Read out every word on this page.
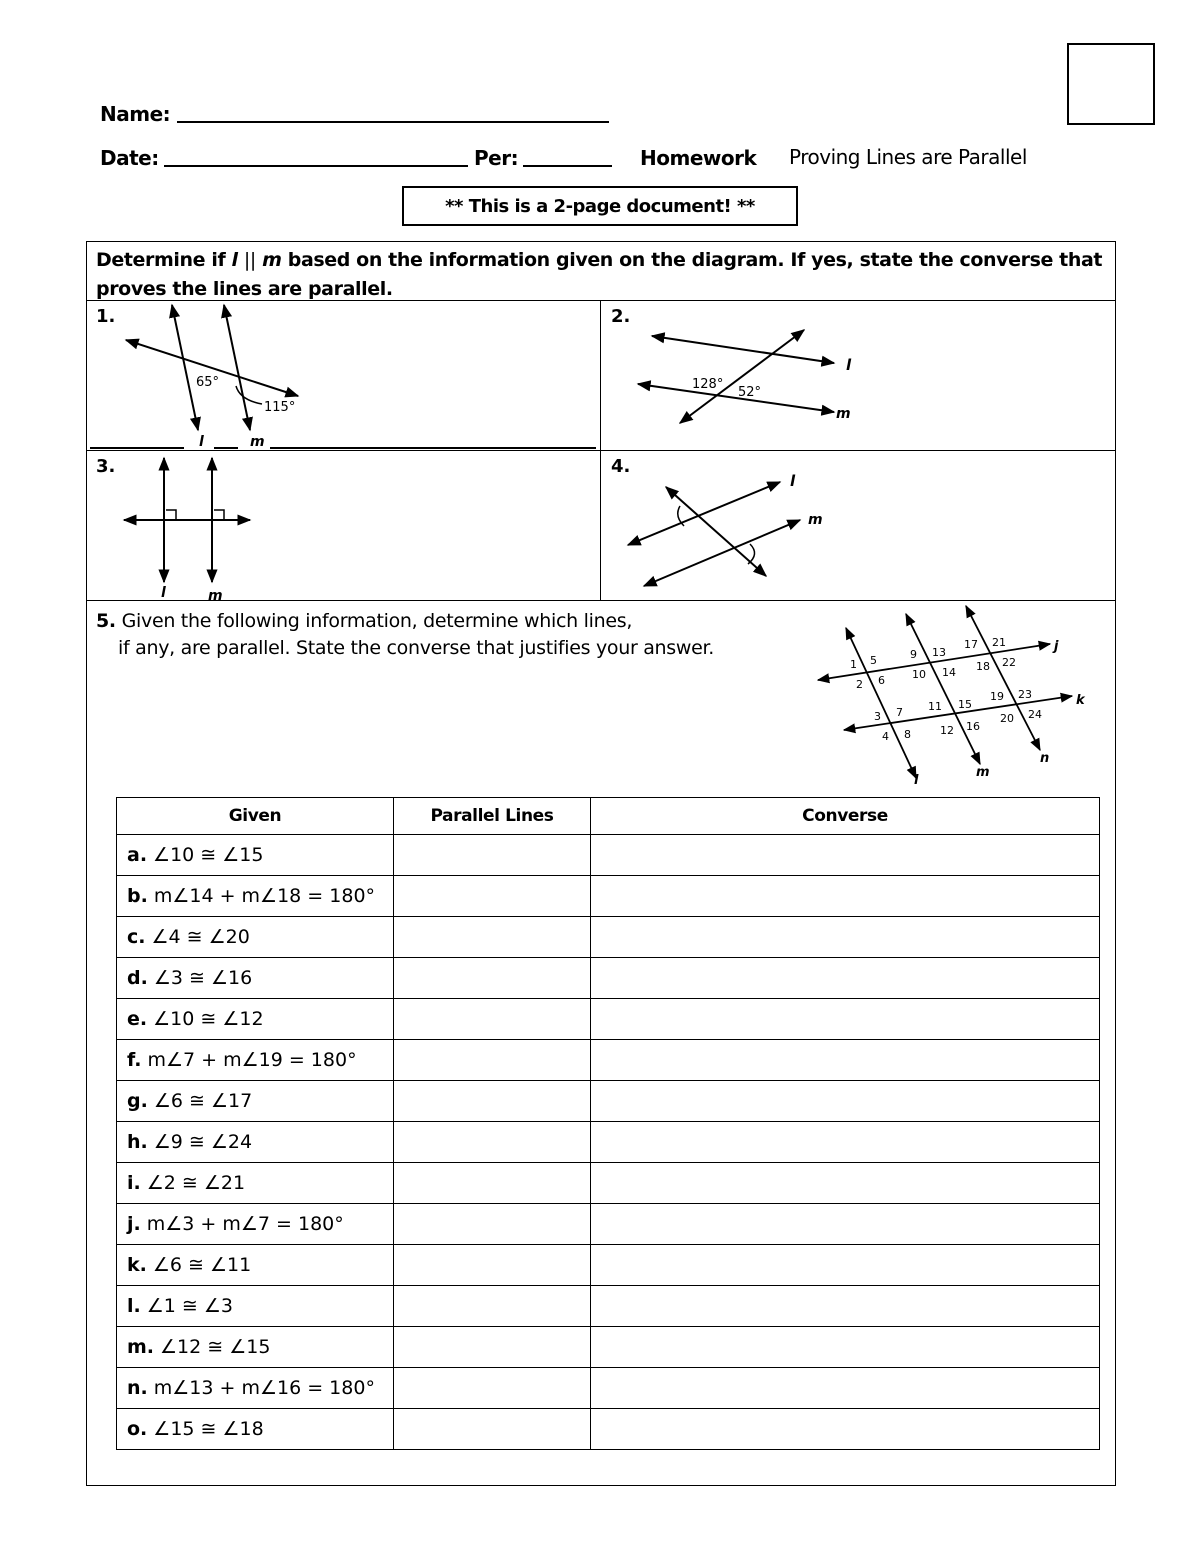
Name:
Date:	Per:	Homework Proving Lines are Parallel
** This is a 2-page document! **
Determine if l || m based on the information given on the diagram. If yes, state the converse that proves the lines are parallel.
1.
65°
115°
l	m
2.
128°
52°
l
m
3.
l	m
4.
l
m
5. Given the following information, determine which lines,
if any, are parallel. State the converse that justifies your answer.
1
2
3
4
5
6
7
8
9
10
11
12
13
14
15
16
17
18
19
20
21
22
23
24
j
k
l
m
n
Given	Parallel Lines	Converse
a. ∠10 ≅ ∠15		
b. m∠14 + m∠18 = 180°		
c. ∠4 ≅ ∠20		
d. ∠3 ≅ ∠16		
e. ∠10 ≅ ∠12		
f. m∠7 + m∠19 = 180°		
g. ∠6 ≅ ∠17		
h. ∠9 ≅ ∠24		
i. ∠2 ≅ ∠21		
j. m∠3 + m∠7 = 180°		
k. ∠6 ≅ ∠11		
l. ∠1 ≅ ∠3		
m. ∠12 ≅ ∠15		
n. m∠13 + m∠16 = 180°		
o. ∠15 ≅ ∠18		
